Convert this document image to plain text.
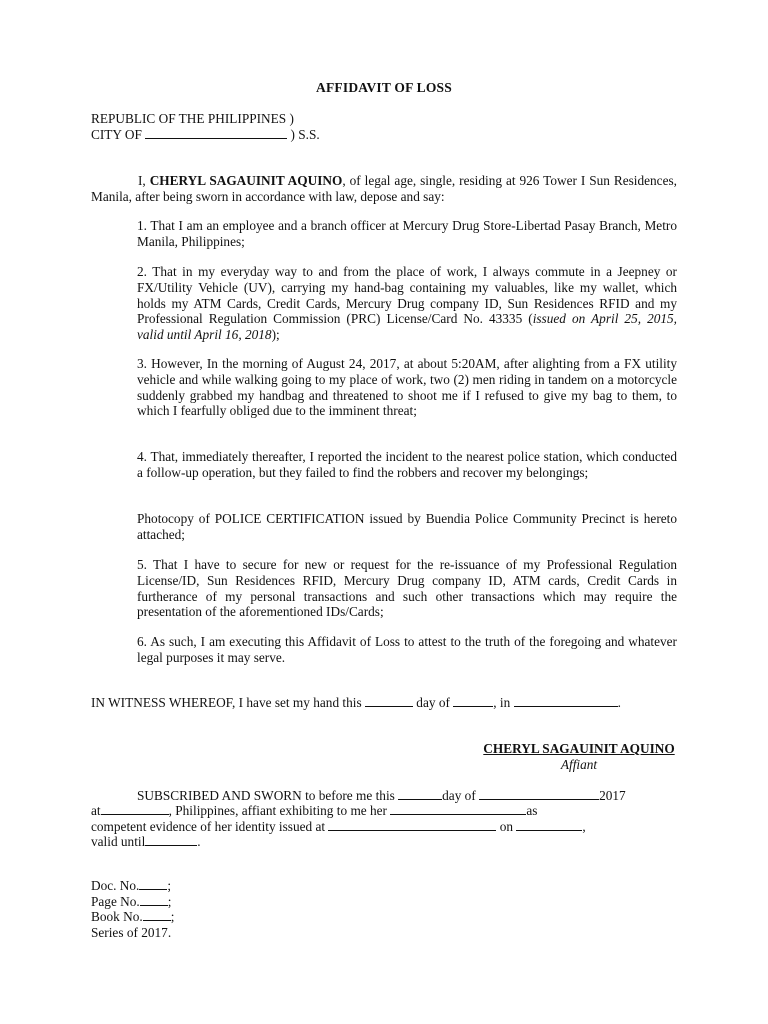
AFFIDAVIT OF LOSS
REPUBLIC OF THE PHILIPPINES )
CITY OF	) S.S.
I, CHERYL SAGAUINIT AQUINO, of legal age, single, residing at 926 Tower I Sun Residences, Manila, after being sworn in accordance with law, depose and say:
1. That I am an employee and a branch officer at Mercury Drug Store-Libertad Pasay Branch, Metro Manila, Philippines;
2. That in my everyday way to and from the place of work, I always commute in a Jeepney or FX/Utility Vehicle (UV), carrying my hand-bag containing my valuables, like my wallet, which holds my ATM Cards, Credit Cards, Mercury Drug company ID, Sun Residences RFID and my Professional Regulation Commission (PRC) License/Card No. 43335 (issued on April 25, 2015, valid until April 16, 2018);
3. However, In the morning of August 24, 2017, at about 5:20AM, after alighting from a FX utility vehicle and while walking going to my place of work, two (2) men riding in tandem on a motorcycle suddenly grabbed my handbag and threatened to shoot me if I refused to give my bag to them, to which I fearfully obliged due to the imminent threat;
4. That, immediately thereafter, I reported the incident to the nearest police station, which conducted a follow-up operation, but they failed to find the robbers and recover my belongings;
Photocopy of POLICE CERTIFICATION issued by Buendia Police Community Precinct is hereto attached;
5. That I have to secure for new or request for the re-issuance of my Professional Regulation License/ID, Sun Residences RFID, Mercury Drug company ID, ATM cards, Credit Cards in furtherance of my personal transactions and such other transactions which may require the presentation of the aforementioned IDs/Cards;
6. As such, I am executing this Affidavit of Loss to attest to the truth of the foregoing and whatever legal purposes it may serve.
IN WITNESS WHEREOF, I have set my hand this	day of	, in	.
CHERYL SAGAUINIT AQUINO
Affiant
SUBSCRIBED AND SWORN to before me this	day of	2017
at	, Philippines, affiant exhibiting to me her	as
competent evidence of her identity issued at	on	,
valid until	.
Doc. No. ;
Page No. ;
Book No. ;
Series of 2017.
